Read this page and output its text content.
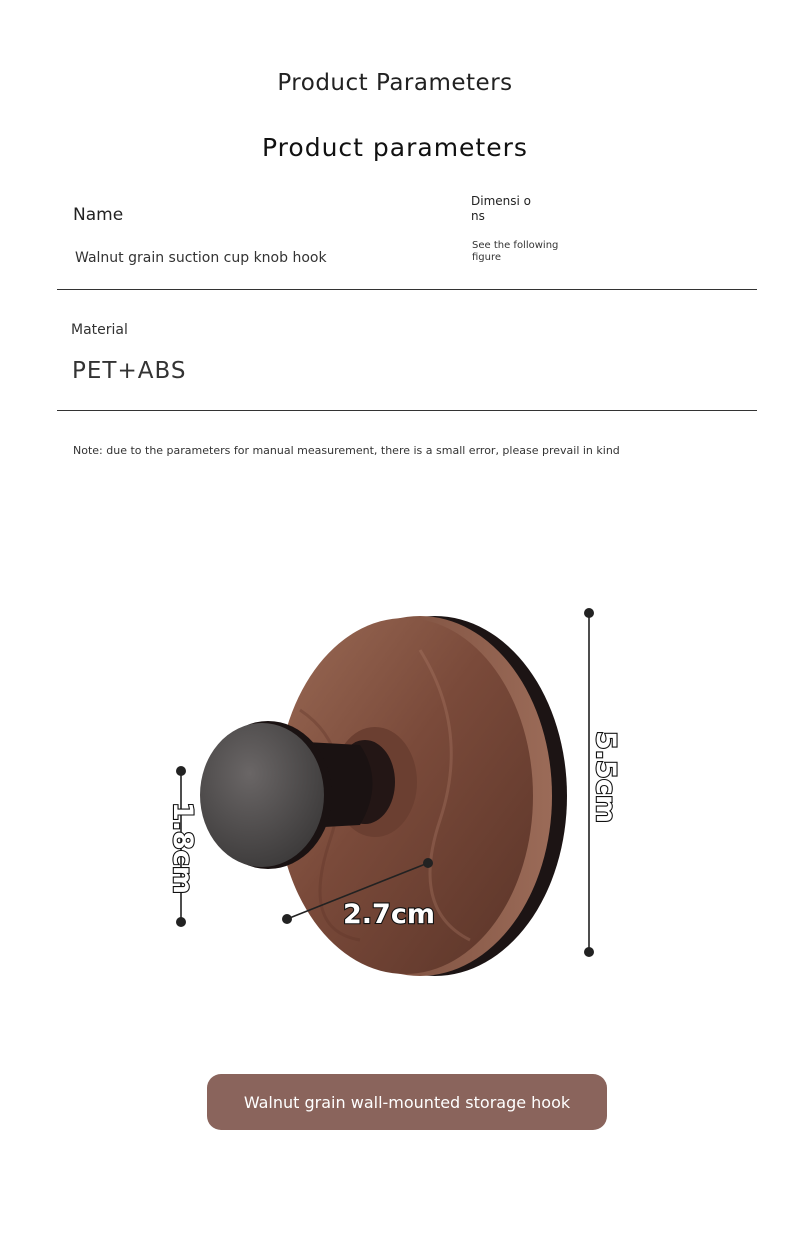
Product Parameters
Product parameters
Name
Walnut grain suction cup knob hook
Dimensi ons
See the following figure
Material
PET+ABS
Note: due to the parameters for manual measurement, there is a small error, please prevail in kind
5.5cm
1.8cm
2.7cm
Walnut grain wall-mounted storage hook
